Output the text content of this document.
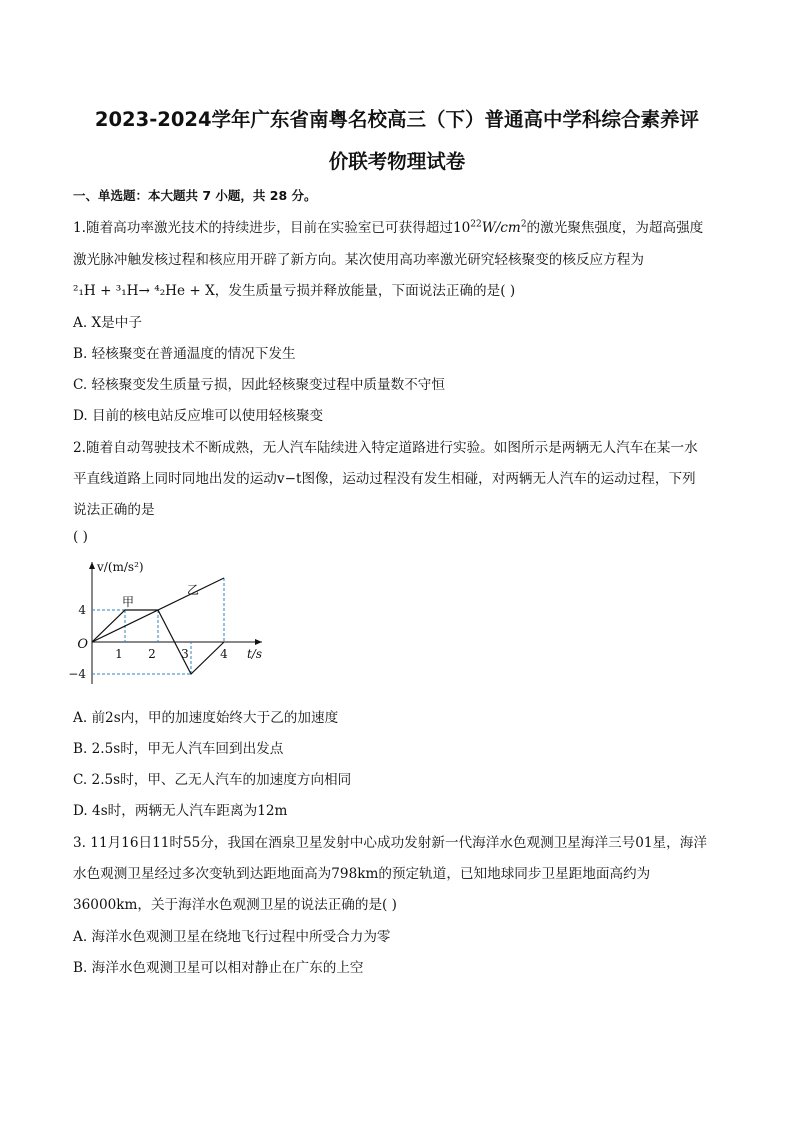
2023-2024学年广东省南粤名校高三（下）普通高中学科综合素养评
价联考物理试卷
一、单选题：本大题共 7 小题，共 28 分。
1.随着高功率激光技术的持续进步，目前在实验室已可获得超过$10^{22}W/cm^2$的激光聚焦强度，为超高强度
激光脉冲触发核过程和核应用开辟了新方向。某次使用高功率激光研究轻核聚变的核反应方程为
²₁H + ³₁H→ ⁴₂He + X，发生质量亏损并释放能量，下面说法正确的是( )
A. X是中子
B. 轻核聚变在普通温度的情况下发生
C. 轻核聚变发生质量亏损，因此轻核聚变过程中质量数不守恒
D. 目前的核电站反应堆可以使用轻核聚变
2.随着自动驾驶技术不断成熟，无人汽车陆续进入特定道路进行实验。如图所示是两辆无人汽车在某一水
平直线道路上同时同地出发的运动v−t图像，运动过程没有发生相碰，对两辆无人汽车的运动过程，下列
说法正确的是
( )
甲
乙
1 2 3	4
4
−4
O
t/s
v/(m/s²)
A. 前2s内，甲的加速度始终大于乙的加速度
B. 2.5s时，甲无人汽车回到出发点
C. 2.5s时，甲、乙无人汽车的加速度方向相同
D. 4s时，两辆无人汽车距离为12m
3. 11月16日11时55分，我国在酒泉卫星发射中心成功发射新一代海洋水色观测卫星海洋三号01星，海洋
水色观测卫星经过多次变轨到达距地面高为798km的预定轨道，已知地球同步卫星距地面高约为
36000km，关于海洋水色观测卫星的说法正确的是( )
A. 海洋水色观测卫星在绕地飞行过程中所受合力为零
B. 海洋水色观测卫星可以相对静止在广东的上空
